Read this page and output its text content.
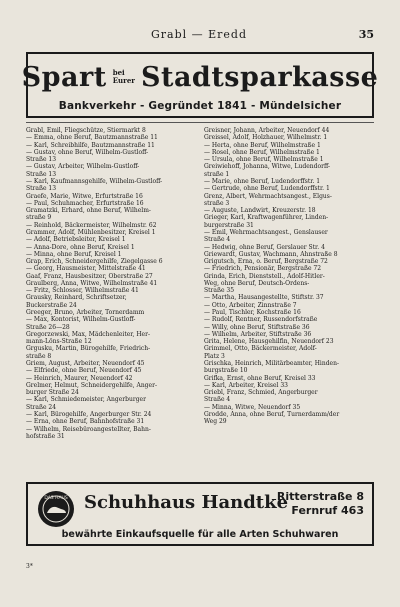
Grabl — Eredd	35
Spart bei
Eurer Stadtsparkasse
Bankverkehr - Gegründet 1841 - Mündelsicher
Grabl, Emil, Fliegschütze, Stiermarkt 8
— Emma, ohne Beruf, Bautzmannstraße 11
— Karl, Schreibhilfe, Bautzmannstraße 11
— Gustav, ohne Beruf, Wilhelm-Gustloff-
Straße 13
— Gustav, Arbeiter, Wilhelm-Gustloff-
Straße 13
— Karl, Kaufmannsgehilfe, Wilhelm-Gustloff-
Straße 13
Graefe, Marie, Witwe, Erfurtstraße 16
— Paul, Schuhmacher, Erfurtstraße 16
Gramatzki, Erhard, ohne Beruf, Wilhelm-
straße 9
— Reinhold, Bäckermeister, Wilhelmstr. 62
Grammer, Adolf, Mühlenbesitzer, Kreisel 1
— Adolf, Betriebsleiter, Kreisel 1
— Anna-Dore, ohne Beruf, Kreisel 1
— Minna, ohne Beruf, Kreisel 1
Grap, Erich, Schneidergehilfe, Ziegelgasse 6
— Georg, Hausmeister, Mittelstraße 41
Gaaf, Franz, Hausbesitzer, Oberstraße 27
Graulberg, Anna, Witwe, Wilhelmstraße 41
— Fritz, Schlosser, Wilhelmstraße 41
Grausky, Reinhard, Schriftsetzer,
Buckerstraße 24
Greeger, Bruno, Arbeiter, Tornerdamm
— Max, Kontorist, Wilhelm-Gustloff-
Straße 26—28
Gregorzewski, Max, Mädchenleiter, Her-
mann-Löns-Straße 12
Grgusku, Martin, Bürogehilfe, Friedrich-
straße 8
Griem, August, Arbeiter, Neuendorf 45
— Elfriede, ohne Beruf, Neuendorf 45
— Heinrich, Maurer, Neuendorf 42
Grelmer, Helmut, Schneidergehilfe, Anger-
burger Straße 24
— Karl, Schmiedemeister, Angerburger
Straße 24
— Karl, Bürogehilfe, Angerburger Str. 24
— Erna, ohne Beruf, Bahnhofstraße 31
— Wilhelm, Reisebüroangestellter, Bahn-
hofstraße 31
Greisner, Johann, Arbeiter, Neuendorf 44
Greissel, Adolf, Holzhauer, Wilhelmstr. 1
— Herta, ohne Beruf, Wilhelmstraße 1
— Rosel, ohne Beruf, Wilhelmstraße 1
— Ursula, ohne Beruf, Wilhelmstraße 1
Greiwiehoff, Johanna, Witwe, Ludendorff-
straße 1
— Marie, ohne Beruf, Ludendorffstr. 1
— Gertrude, ohne Beruf, Ludendorffstr. 1
Grenz, Albert, Wehrmachtsangest., Elgus-
straße 3
— Auguste, Landwirt, Kreuzerstr. 18
Grieger, Karl, Kraftwagenführer, Linden-
burgerstraße 31
— Emil, Wehrmachtsangest., Genslauser
Straße 4
— Hedwig, ohne Beruf, Gerslauer Str. 4
Griewardt, Gustav, Wachmann, Ahnstraße 8
Grigutsch, Erna, o. Beruf, Bergstraße 72
— Friedrich, Pensionär, Bergstraße 72
Grinda, Erich, Dienststell., Adolf-Hitler-
Weg, ohne Beruf, Deutsch-Ordens-
Straße 35
— Martha, Hausangestellte, Stiftstr. 37
— Otto, Arbeiter, Zinnstraße 7
— Paul, Tischler, Kochstraße 16
— Rudolf, Rentner, Russendorfstraße
— Willy, ohne Beruf, Stiftstraße 36
— Wilhelm, Arbeiter, Stiftstraße 36
Grita, Helene, Hausgehilfin, Neuendorf 23
Grimmel, Otto, Bäckermeister, Adolf-
Platz 3
Grischka, Heinrich, Militärbeamter, Hinden-
burgstraße 10
Grifka, Ernst, ohne Beruf, Kreisel 33
— Karl, Arbeiter, Kreisel 33
Griebl, Franz, Schmied, Angerburger
Straße 4
— Minna, Witwe, Neuendorf 35
Grodde, Anna, ohne Beruf, Turnerdamm/der
Weg 29
DAS HAUS Schuhhaus Handtke
Ritterstraße 8
Fernruf 463
bewährte Einkaufsquelle für alle Arten Schuhwaren
3*
